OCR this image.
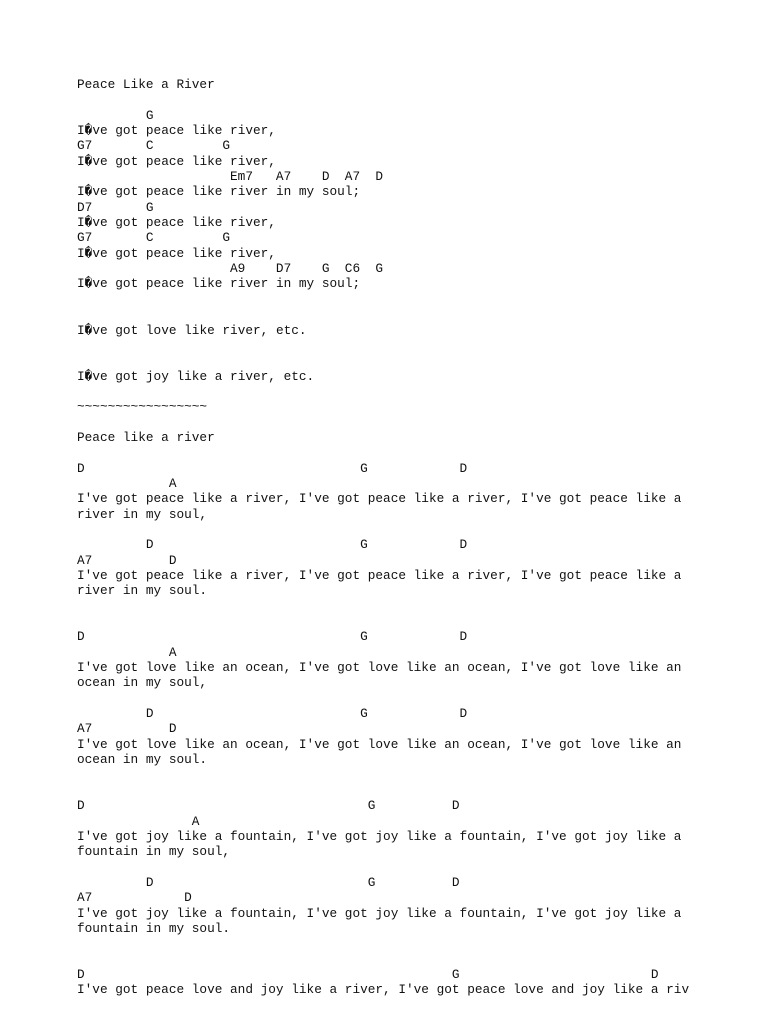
Peace Like a River
G
I�ve got peace like river,
G7       C         G
I�ve got peace like river,
Em7   A7    D  A7  D
I�ve got peace like river in my soul;
D7       G
I�ve got peace like river,
G7       C         G
I�ve got peace like river,
A9    D7    G  C6  G
I�ve got peace like river in my soul;
I�ve got love like river, etc.
I�ve got joy like a river, etc.
~~~~~~~~~~~~~~~~~
Peace like a river
D                                    G            D
A
I've got peace like a river, I've got peace like a river, I've got peace like a
river in my soul,
D                           G            D
A7          D
I've got peace like a river, I've got peace like a river, I've got peace like a
river in my soul.
D                                    G            D
A
I've got love like an ocean, I've got love like an ocean, I've got love like an
ocean in my soul,
D                           G            D
A7          D
I've got love like an ocean, I've got love like an ocean, I've got love like an
ocean in my soul.
D                                     G          D
A
I've got joy like a fountain, I've got joy like a fountain, I've got joy like a
fountain in my soul,
D                            G          D
A7            D
I've got joy like a fountain, I've got joy like a fountain, I've got joy like a
fountain in my soul.
D                                                G                         D
I've got peace love and joy like a river, I've got peace love and joy like a riv
